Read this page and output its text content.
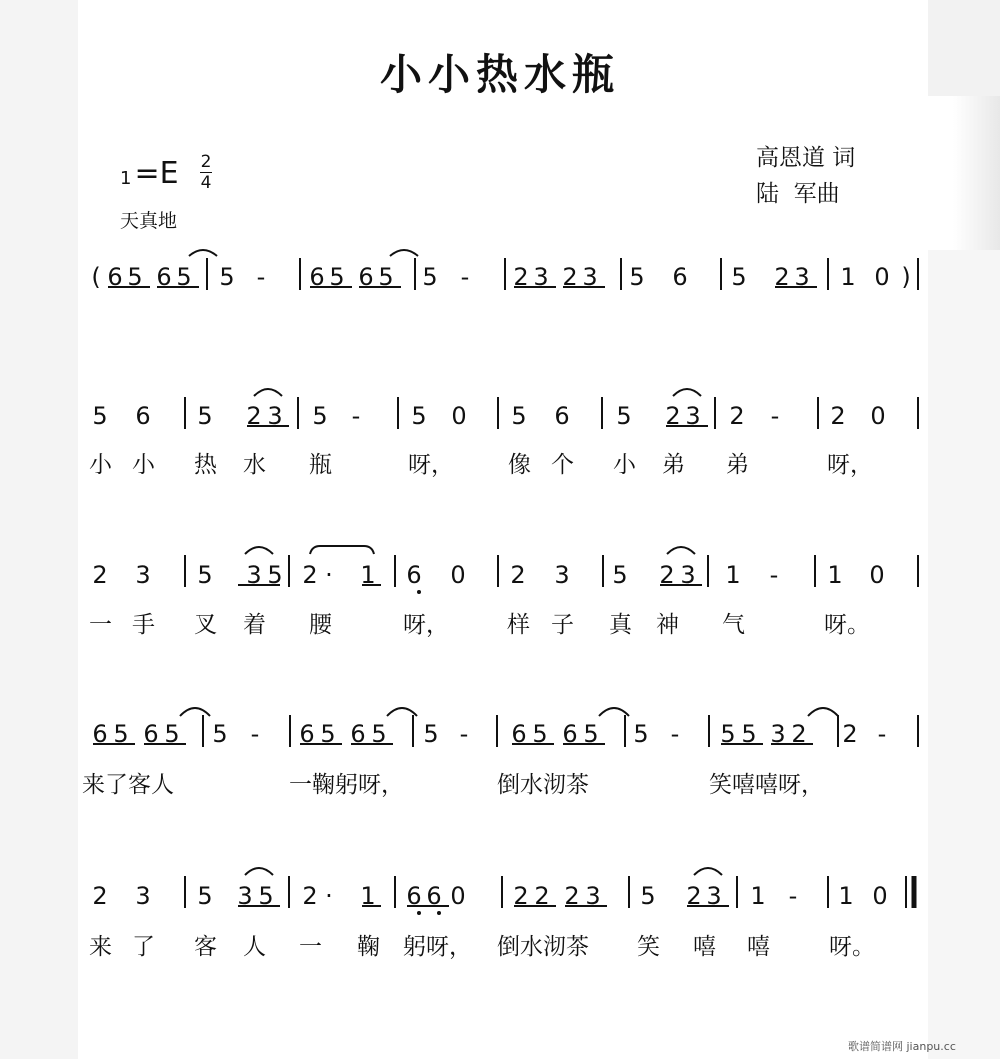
小小热水瓶
1 =E 2
4
天真地
高恩道 词
陆  军曲
( 6 5 6 5 5 - 6 5 6 5 5 - 2 3 2 3 5 6 5 2 3 1 0 )
5 6 5 2 3 5 - 5 0 5 6 5 2 3 2 - 2 0
2 3 5 3 5 2 · 1 6 0 2 3 5 2 3 1 - 1 0
6 5 6 5 5 - 6 5 6 5 5 - 6 5 6 5 5 - 5 5 3 2 2 -
2 3 5 3 5 2 · 1 6 6 0 2 2 2 3 5 2 3 1 - 1 0
小 小 热 水 瓶	呀， 像 个 小 弟 弟	呀，
一 手 叉 着 腰	呀，	样 子 真 神 气	呀。
来了客人	一鞠躬呀，	倒水沏茶	笑嘻嘻呀，
来 了 客 人 一 鞠 躬呀， 倒水沏茶 笑 嘻 嘻	呀。
歌谱简谱网 jianpu.cc
